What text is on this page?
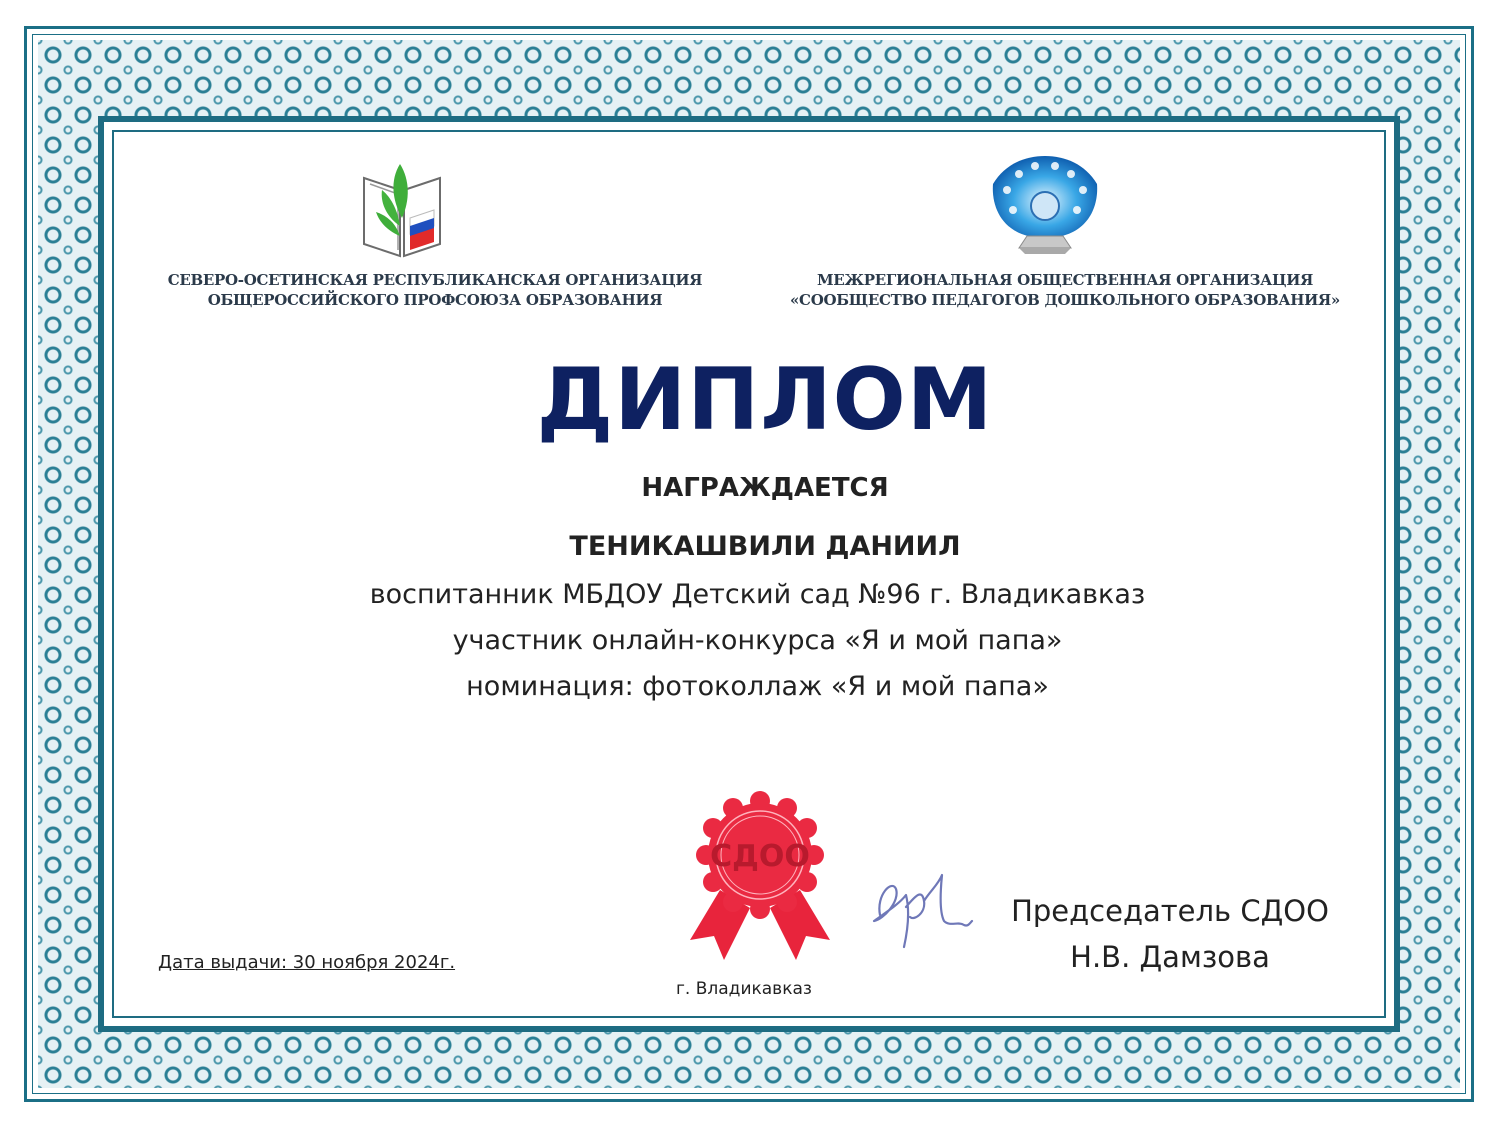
СЕВЕРО-ОСЕТИНСКАЯ РЕСПУБЛИКАНСКАЯ ОРГАНИЗАЦИЯ
ОБЩЕРОССИЙСКОГО ПРОФСОЮЗА ОБРАЗОВАНИЯ
МЕЖРЕГИОНАЛЬНАЯ ОБЩЕСТВЕННАЯ ОРГАНИЗАЦИЯ
«СООБЩЕСТВО ПЕДАГОГОВ ДОШКОЛЬНОГО ОБРАЗОВАНИЯ»
ДИПЛОМ
НАГРАЖДАЕТСЯ
ТЕНИКАШВИЛИ ДАНИИЛ
воспитанник МБДОУ Детский сад №96 г. Владикавказ
участник онлайн-конкурса «Я и мой папа»
номинация: фотоколлаж «Я и мой папа»
СДОО
Дата выдачи: 30 ноября 2024г.
г. Владикавказ
Председатель СДОО
Н.В. Дамзова
